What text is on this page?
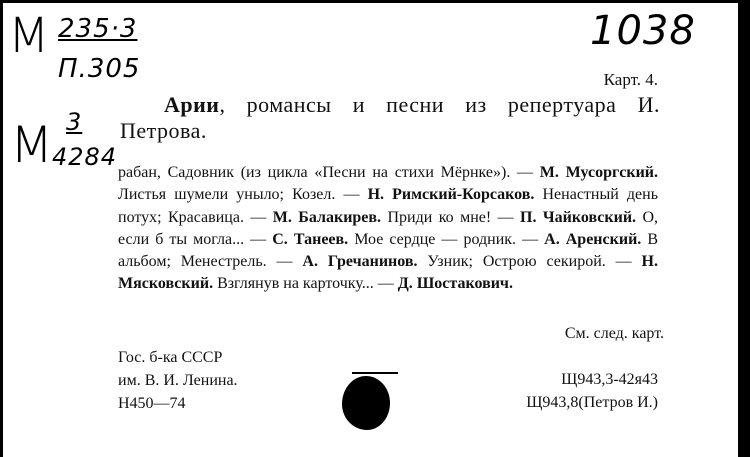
М 235·3
П.305
М 3
4284
1038
Карт. 4.
Арии, романсы и песни из репертуара И. Петрова.
рабан, Садовник (из цикла «Песни на стихи Мёрнке»). — М. Мусоргский. Листья шумели уныло; Козел. — Н. Римский-Корсаков. Ненастный день потух; Красавица. — М. Балакирев. Приди ко мне! — П. Чайковский. О, если б ты могла... — С. Танеев. Мое сердце — родник. — А. Аренский. В альбом; Менестрель. — А. Гречанинов. Узник; Острою секирой. — Н. Мясковский. Взглянув на карточку... — Д. Шостакович.
См. след. карт.
Гос. б-ка СССР
им. В. И. Ленина.
Н450—74
Щ943,3-42я43
Щ943,8(Петров И.)
